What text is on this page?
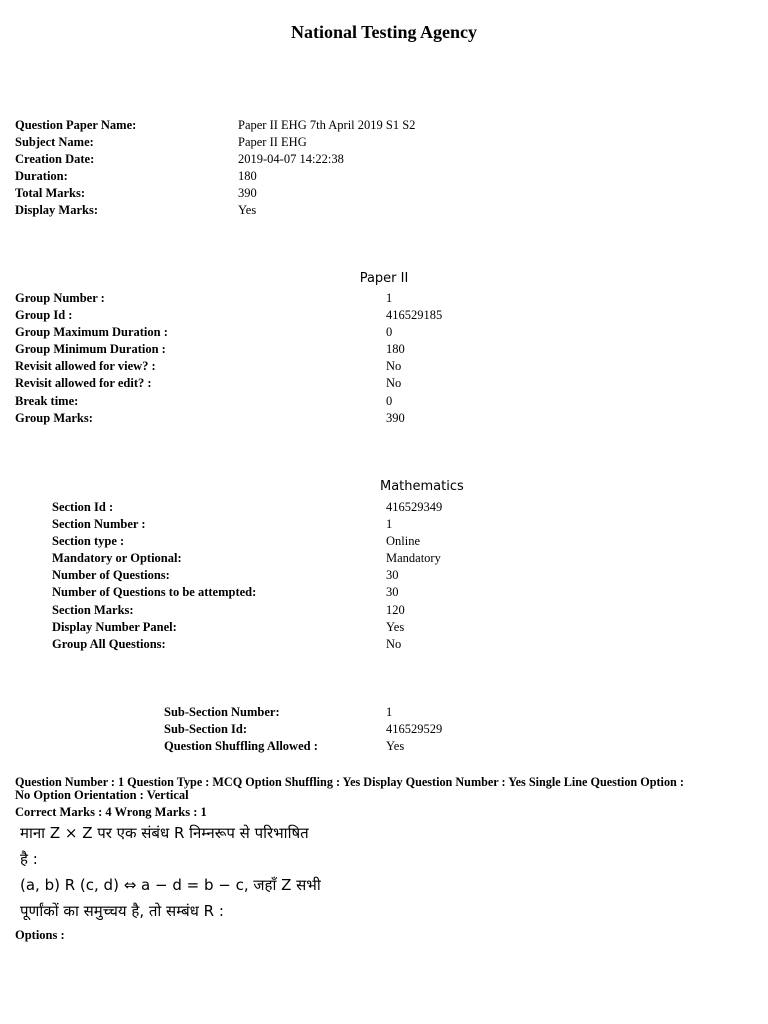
National Testing Agency
Question Paper Name:	Paper II EHG 7th April 2019 S1 S2
Subject Name:	Paper II EHG
Creation Date:	2019-04-07 14:22:38
Duration:	180
Total Marks:	390
Display Marks:	Yes
Paper II
Group Number :	1
Group Id :	416529185
Group Maximum Duration :	0
Group Minimum Duration :	180
Revisit allowed for view? :	No
Revisit allowed for edit? :	No
Break time:	0
Group Marks:	390
Mathematics
Section Id :	416529349
Section Number :	1
Section type :	Online
Mandatory or Optional:	Mandatory
Number of Questions:	30
Number of Questions to be attempted:	30
Section Marks:	120
Display Number Panel:	Yes
Group All Questions:	No
Sub-Section Number:	1
Sub-Section Id:	416529529
Question Shuffling Allowed :	Yes
Question Number : 1 Question Type : MCQ Option Shuffling : Yes Display Question Number : Yes Single Line Question Option :
No Option Orientation : Vertical
Correct Marks : 4 Wrong Marks : 1
माना Z × Z पर एक संबंध R निम्नरूप से परिभाषित
है :
(a, b) R (c, d) ⇔ a − d = b − c, जहाँ Z सभी
पूर्णांकों का समुच्चय है, तो सम्बंध R :
Options :
